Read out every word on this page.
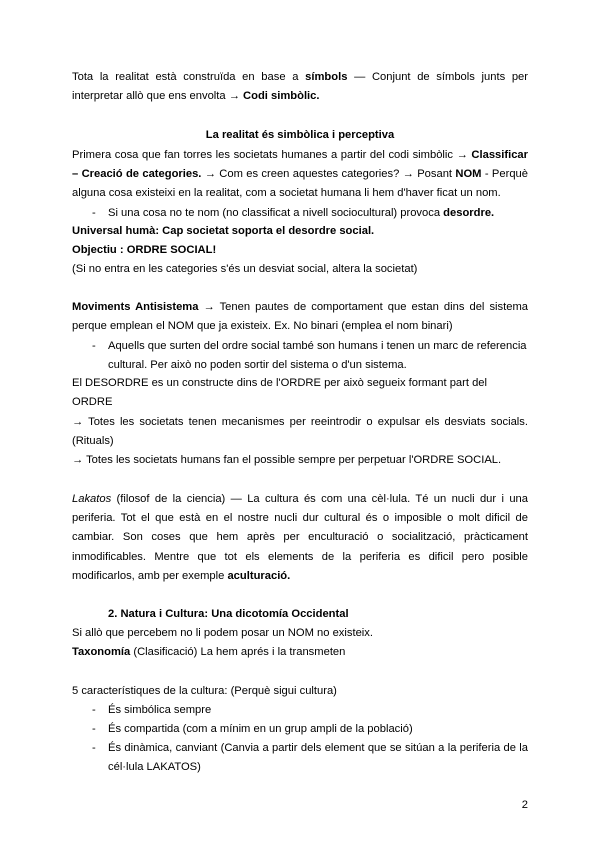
Tota la realitat està construïda en base a símbols — Conjunt de símbols junts per interpretar allò que ens envolta → Codi simbòlic.

La realitat és simbòlica i perceptiva

Primera cosa que fan torres les societats humanes a partir del codi simbòlic → Classificar – Creació de categories. → Com es creen aquestes categories? → Posant NOM - Perquè alguna cosa existeixi en la realitat, com a societat humana li hem d'haver ficat un nom.

-	Si una cosa no te nom (no classificat a nivell sociocultural) provoca desordre.

Universal humà: Cap societat soporta el desordre social.

Objectiu : ORDRE SOCIAL!

(Si no entra en les categories s'és un desviat social, altera la societat)

Moviments Antisistema → Tenen pautes de comportament que estan dins del sistema perque emplean el NOM que ja existeix. Ex. No binari (emplea el nom binari)

-	Aquells que surten del ordre social també son humans i tenen un marc de referencia cultural. Per això no poden sortir del sistema o d'un sistema.

El DESORDRE es un constructe dins de l'ORDRE per això segueix formant part del ORDRE

→ Totes les societats tenen mecanismes per reeintrodir o expulsar els desviats socials. (Rituals)

→ Totes les societats humans fan el possible sempre per perpetuar l'ORDRE SOCIAL.

Lakatos (filosof de la ciencia) — La cultura és com una cèl·lula. Té un nucli dur i una periferia. Tot el que està en el nostre nucli dur cultural és o imposible o molt dificil de cambiar. Son coses que hem après per enculturació o socialització, pràcticament inmodificables. Mentre que tot els elements de la periferia es dificil pero posible modificarlos, amb per exemple aculturació.

2. Natura i Cultura: Una dicotomía Occidental

Si allò que percebem no li podem posar un NOM no existeix.

Taxonomía (Clasificació) La hem aprés i la transmeten

5 característiques de la cultura: (Perquè sigui cultura)

-	És simbólica sempre

-	És compartida (com a mínim en un grup ampli de la població)

-	És dinàmica, canviant (Canvia a partir dels element que se sitúan a la periferia de la cél·lula LAKATOS)

2
